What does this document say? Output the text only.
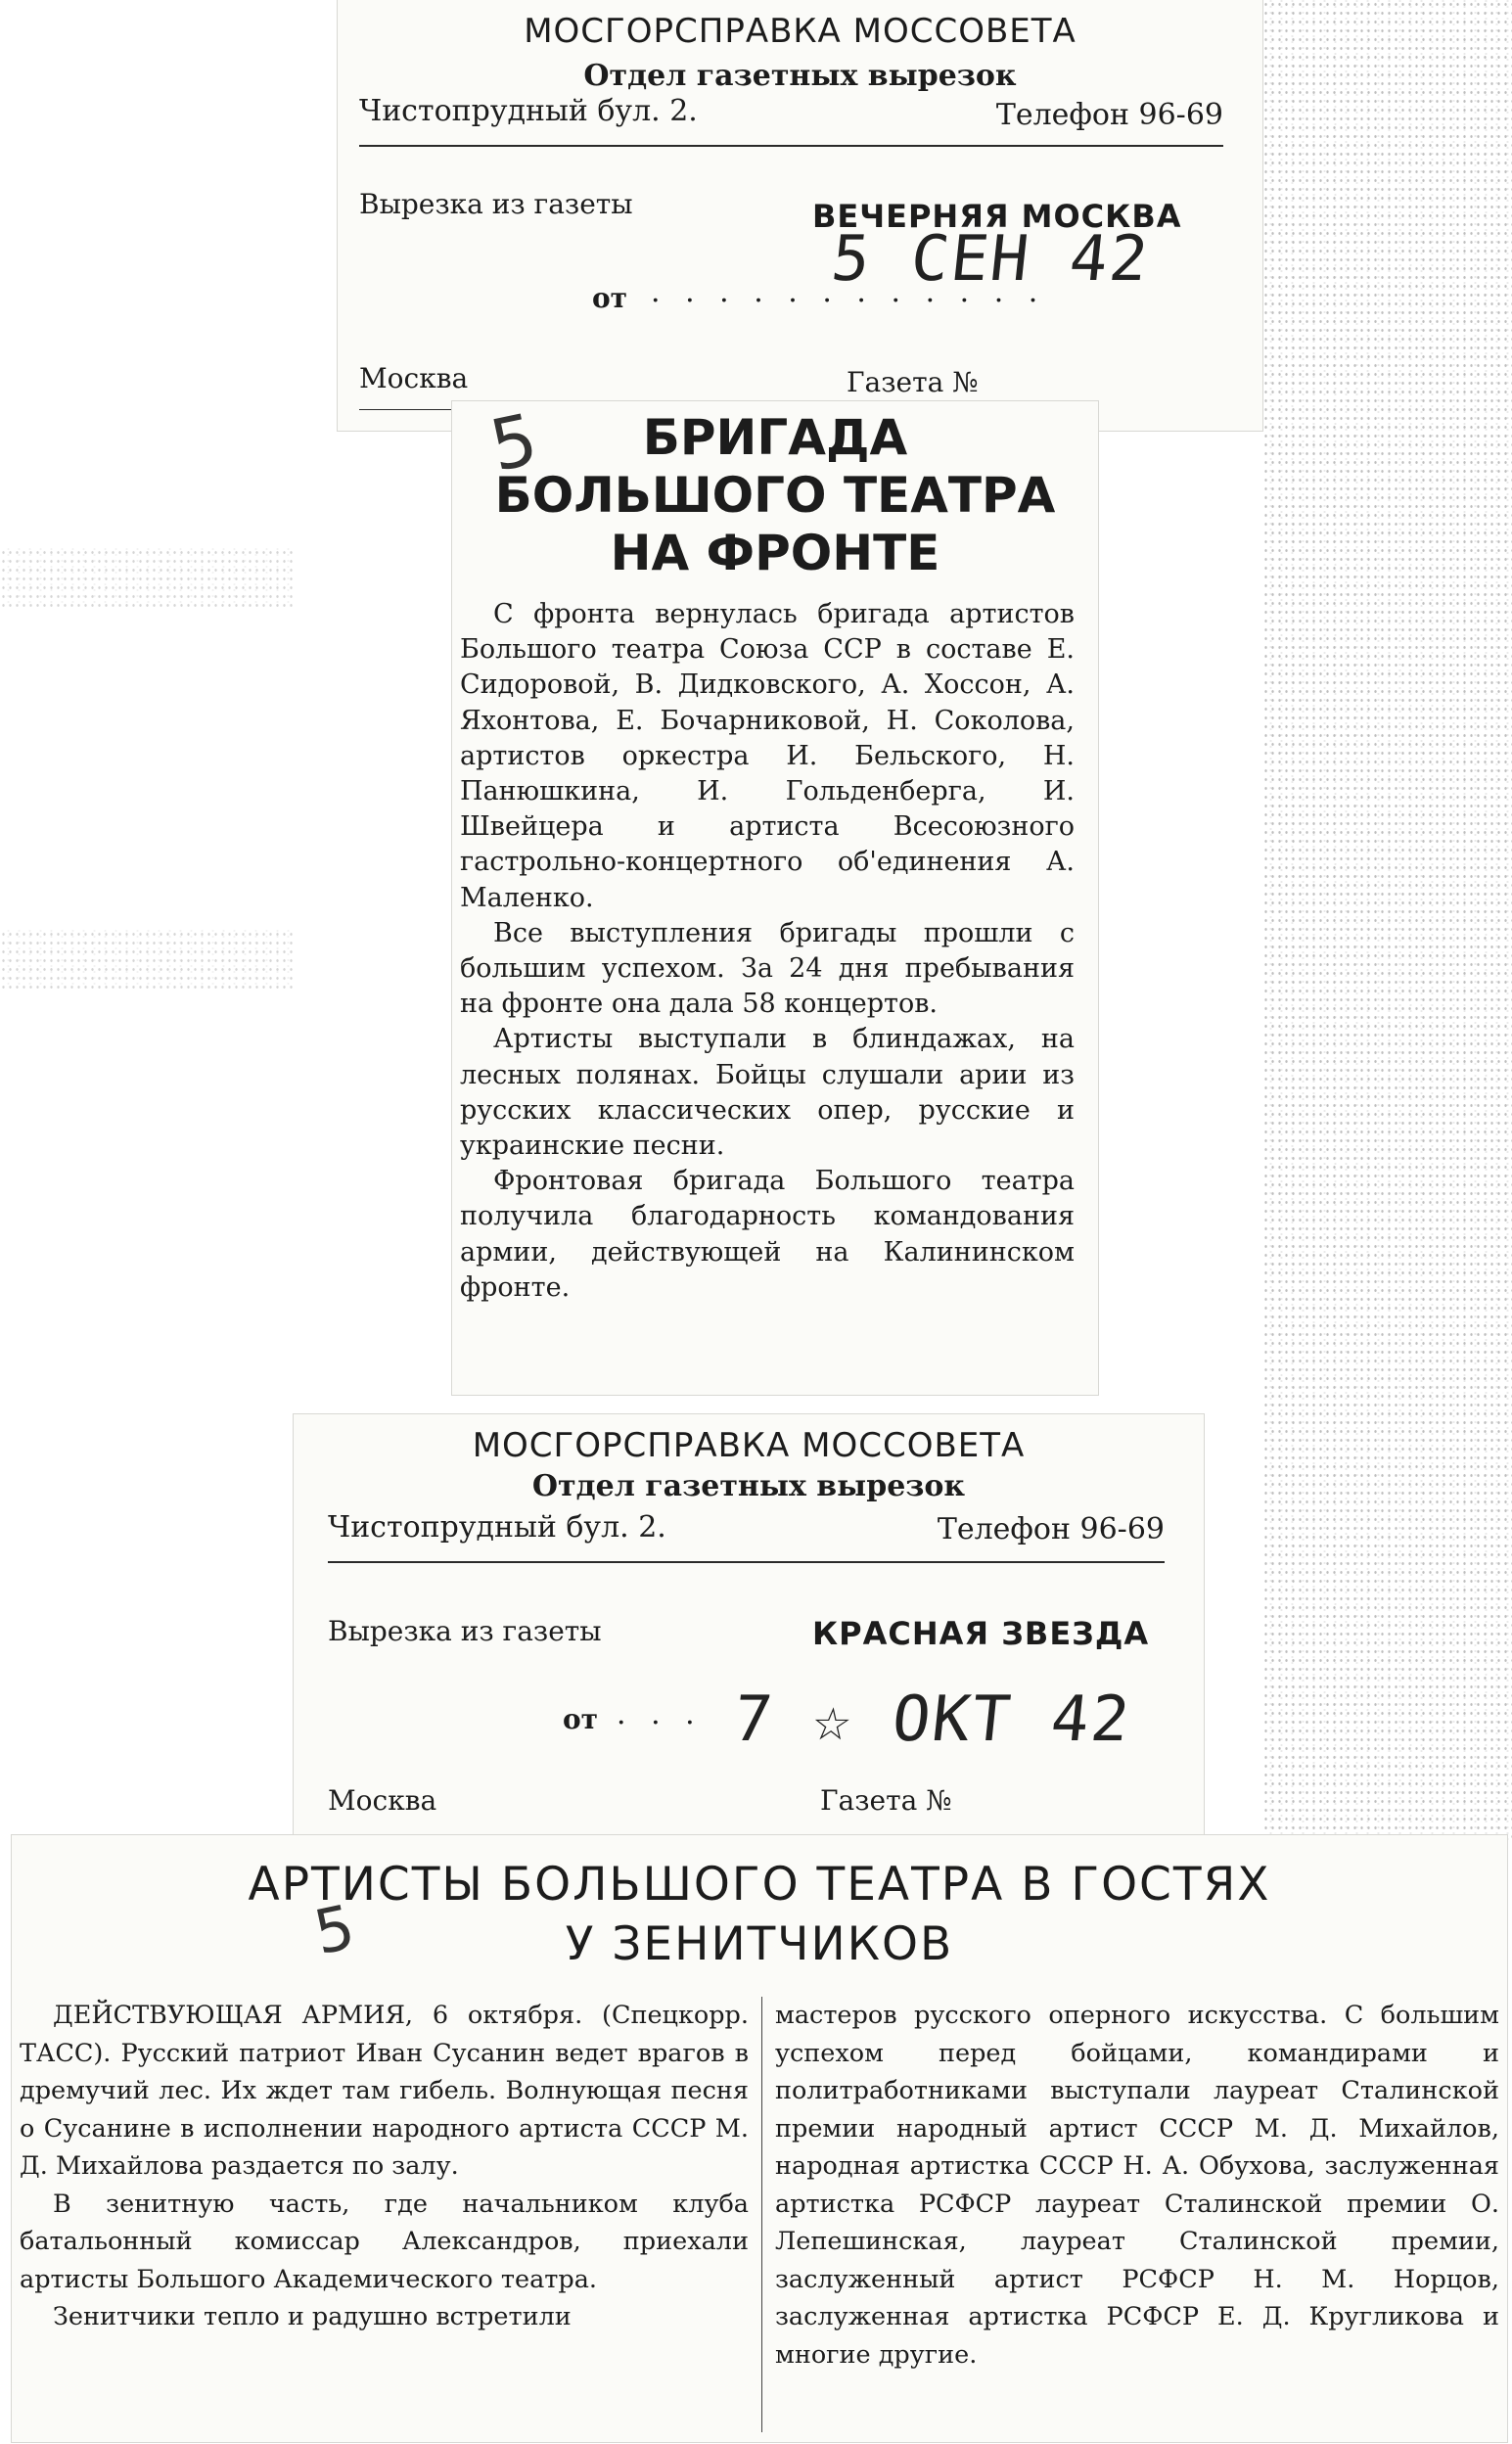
МОСГОРСПРАВКА МОССОВЕТА
Отдел газетных вырезок
Чистопрудный бул. 2.	Телефон 96-69
Вырезка из газеты	ВЕЧЕРНЯЯ МОСКВА
от · · · · · · · · · · · ·
5 СЕН 42
Москва	Газета №
5	БРИГАДА
БОЛЬШОГО ТЕАТРА
НА ФРОНТЕ

С фронта вернулась бригада артистов Большого театра Союза ССР в составе Е. Сидоровой, В. Дидковского, А. Хоссон, А. Яхонтова, Е. Бочарниковой, Н. Соколова, артистов оркестра И. Бельского, Н. Панюшкина, И. Гольденберга, И. Швейцера и артиста Всесоюзного гастрольно-концертного об'единения А. Маленко.

Все выступления бригады прошли с большим успехом. За 24 дня пребывания на фронте она дала 58 концертов.

Артисты выступали в блиндажах, на лесных полянах. Бойцы слушали арии из русских классических опер, русские и украинские песни.

Фронтовая бригада Большого театра получила благодарность командования армии, действующей на Калининском фронте.

МОСГОРСПРАВКА МОССОВЕТА
Отдел газетных вырезок
Чистопрудный бул. 2.	Телефон 96-69
Вырезка из газеты	КРАСНАЯ ЗВЕЗДА
от · · · 7 ☆ ОКТ 42
Москва	Газета №
5
АРТИСТЫ БОЛЬШОГО ТЕАТРА В ГОСТЯХ
У ЗЕНИТЧИКОВ

ДЕЙСТВУЮЩАЯ АРМИЯ, 6 октября. (Спецкорр. ТАСС). Русский патриот Иван Сусанин ведет врагов в дремучий лес. Их ждет там гибель. Волнующая песня о Сусанине в исполнении народного артиста СССР М. Д. Михайлова раздается по залу.

В зенитную часть, где начальником клуба батальонный комиссар Александров, приехали артисты Большого Академического театра.

Зенитчики тепло и радушно встретили

мастеров русского оперного искусства. С большим успехом перед бойцами, командирами и политработниками выступали лауреат Сталинской премии народный артист СССР М. Д. Михайлов, народная артистка СССР Н. А. Обухова, заслуженная артистка РСФСР лауреат Сталинской премии О. Лепешинская, лауреат Сталинской премии, заслуженный артист РСФСР Н. М. Норцов, заслуженная артистка РСФСР Е. Д. Кругликова и многие другие.
